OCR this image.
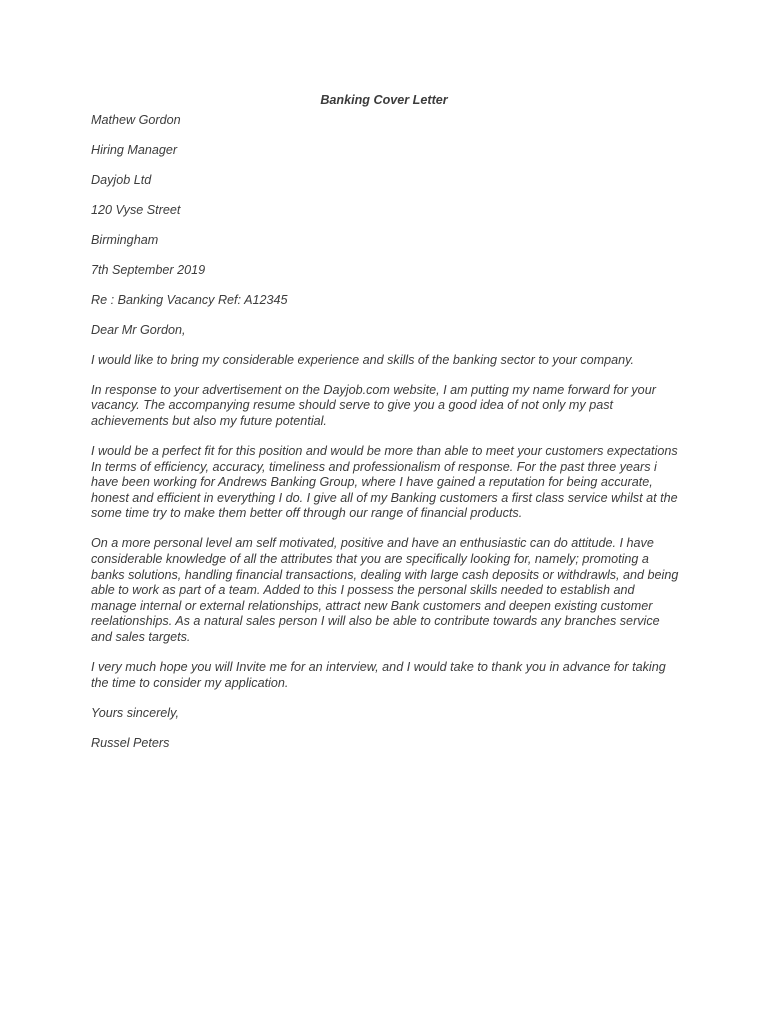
Banking Cover Letter

Mathew Gordon

Hiring Manager

Dayjob Ltd

120 Vyse Street

Birmingham

7th September 2019

Re : Banking Vacancy Ref: A12345

Dear Mr Gordon,

I would like to bring my considerable experience and skills of the banking sector to your company.

In response to your advertisement on the Dayjob.com website, I am putting my name forward for your vacancy. The accompanying resume should serve to give you a good idea of not only my past achievements but also my future potential.

I would be a perfect fit for this position and would be more than able to meet your customers expectations In terms of efficiency, accuracy, timeliness and professionalism of response. For the past three years i have been working for Andrews Banking Group, where I have gained a reputation for being accurate, honest and efficient in everything I do. I give all of my Banking customers a first class service whilst at the some time try to make them better off through our range of financial products.

On a more personal level am self motivated, positive and have an enthusiastic can do attitude. I have considerable knowledge of all the attributes that you are specifically looking for, namely; promoting a banks solutions, handling financial transactions, dealing with large cash deposits or withdrawls, and being able to work as part of a team. Added to this I possess the personal skills needed to establish and manage internal or external relationships, attract new Bank customers and deepen existing customer reelationships. As a natural sales person I will also be able to contribute towards any branches service and sales targets.

I very much hope you will Invite me for an interview, and I would take to thank you in advance for taking the time to consider my application.

Yours sincerely,

Russel Peters
